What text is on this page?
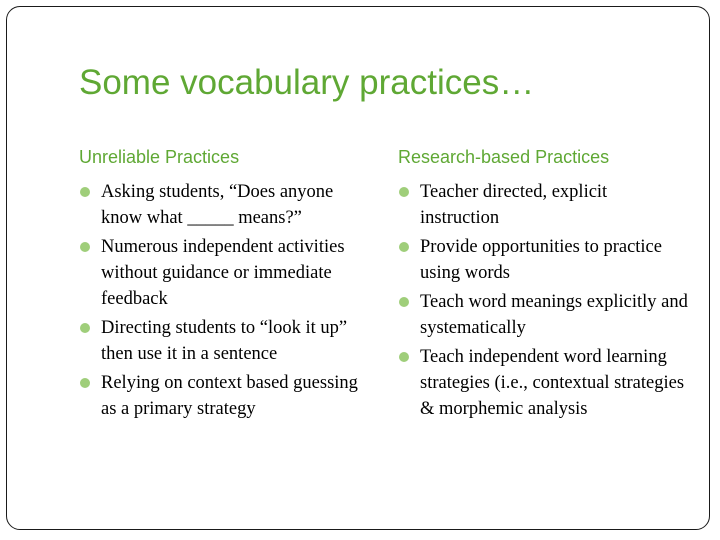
Some vocabulary practices…
Unreliable Practices
Asking students, “Does anyone know what _____ means?”
Numerous independent activities without guidance or immediate feedback
Directing students to “look it up” then use it in a sentence
Relying on context based guessing as a primary strategy
Research-based Practices
Teacher directed, explicit instruction
Provide opportunities to practice using words
Teach word meanings explicitly and systematically
Teach independent word learning strategies (i.e., contextual strategies & morphemic analysis
